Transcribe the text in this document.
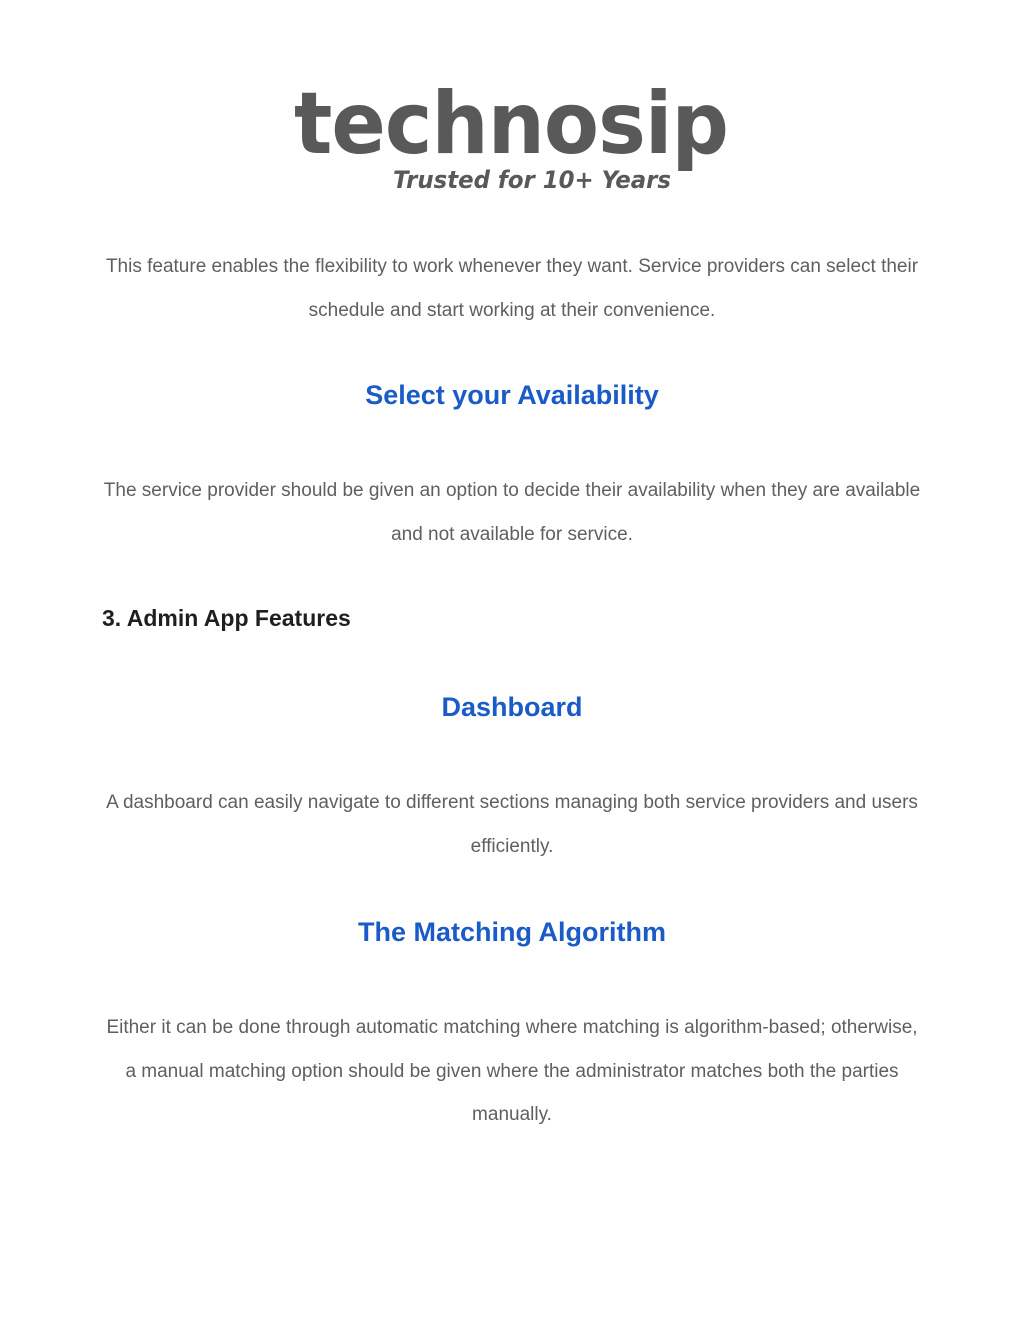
technosip
Trusted for 10+ Years

This feature enables the flexibility to work whenever they want. Service providers can select their schedule and start working at their convenience.

Select your Availability

The service provider should be given an option to decide their availability when they are available and not available for service.

3. Admin App Features
Dashboard

A dashboard can easily navigate to different sections managing both service providers and users efficiently.

The Matching Algorithm

Either it can be done through automatic matching where matching is algorithm-based; otherwise, a manual matching option should be given where the administrator matches both the parties manually.
